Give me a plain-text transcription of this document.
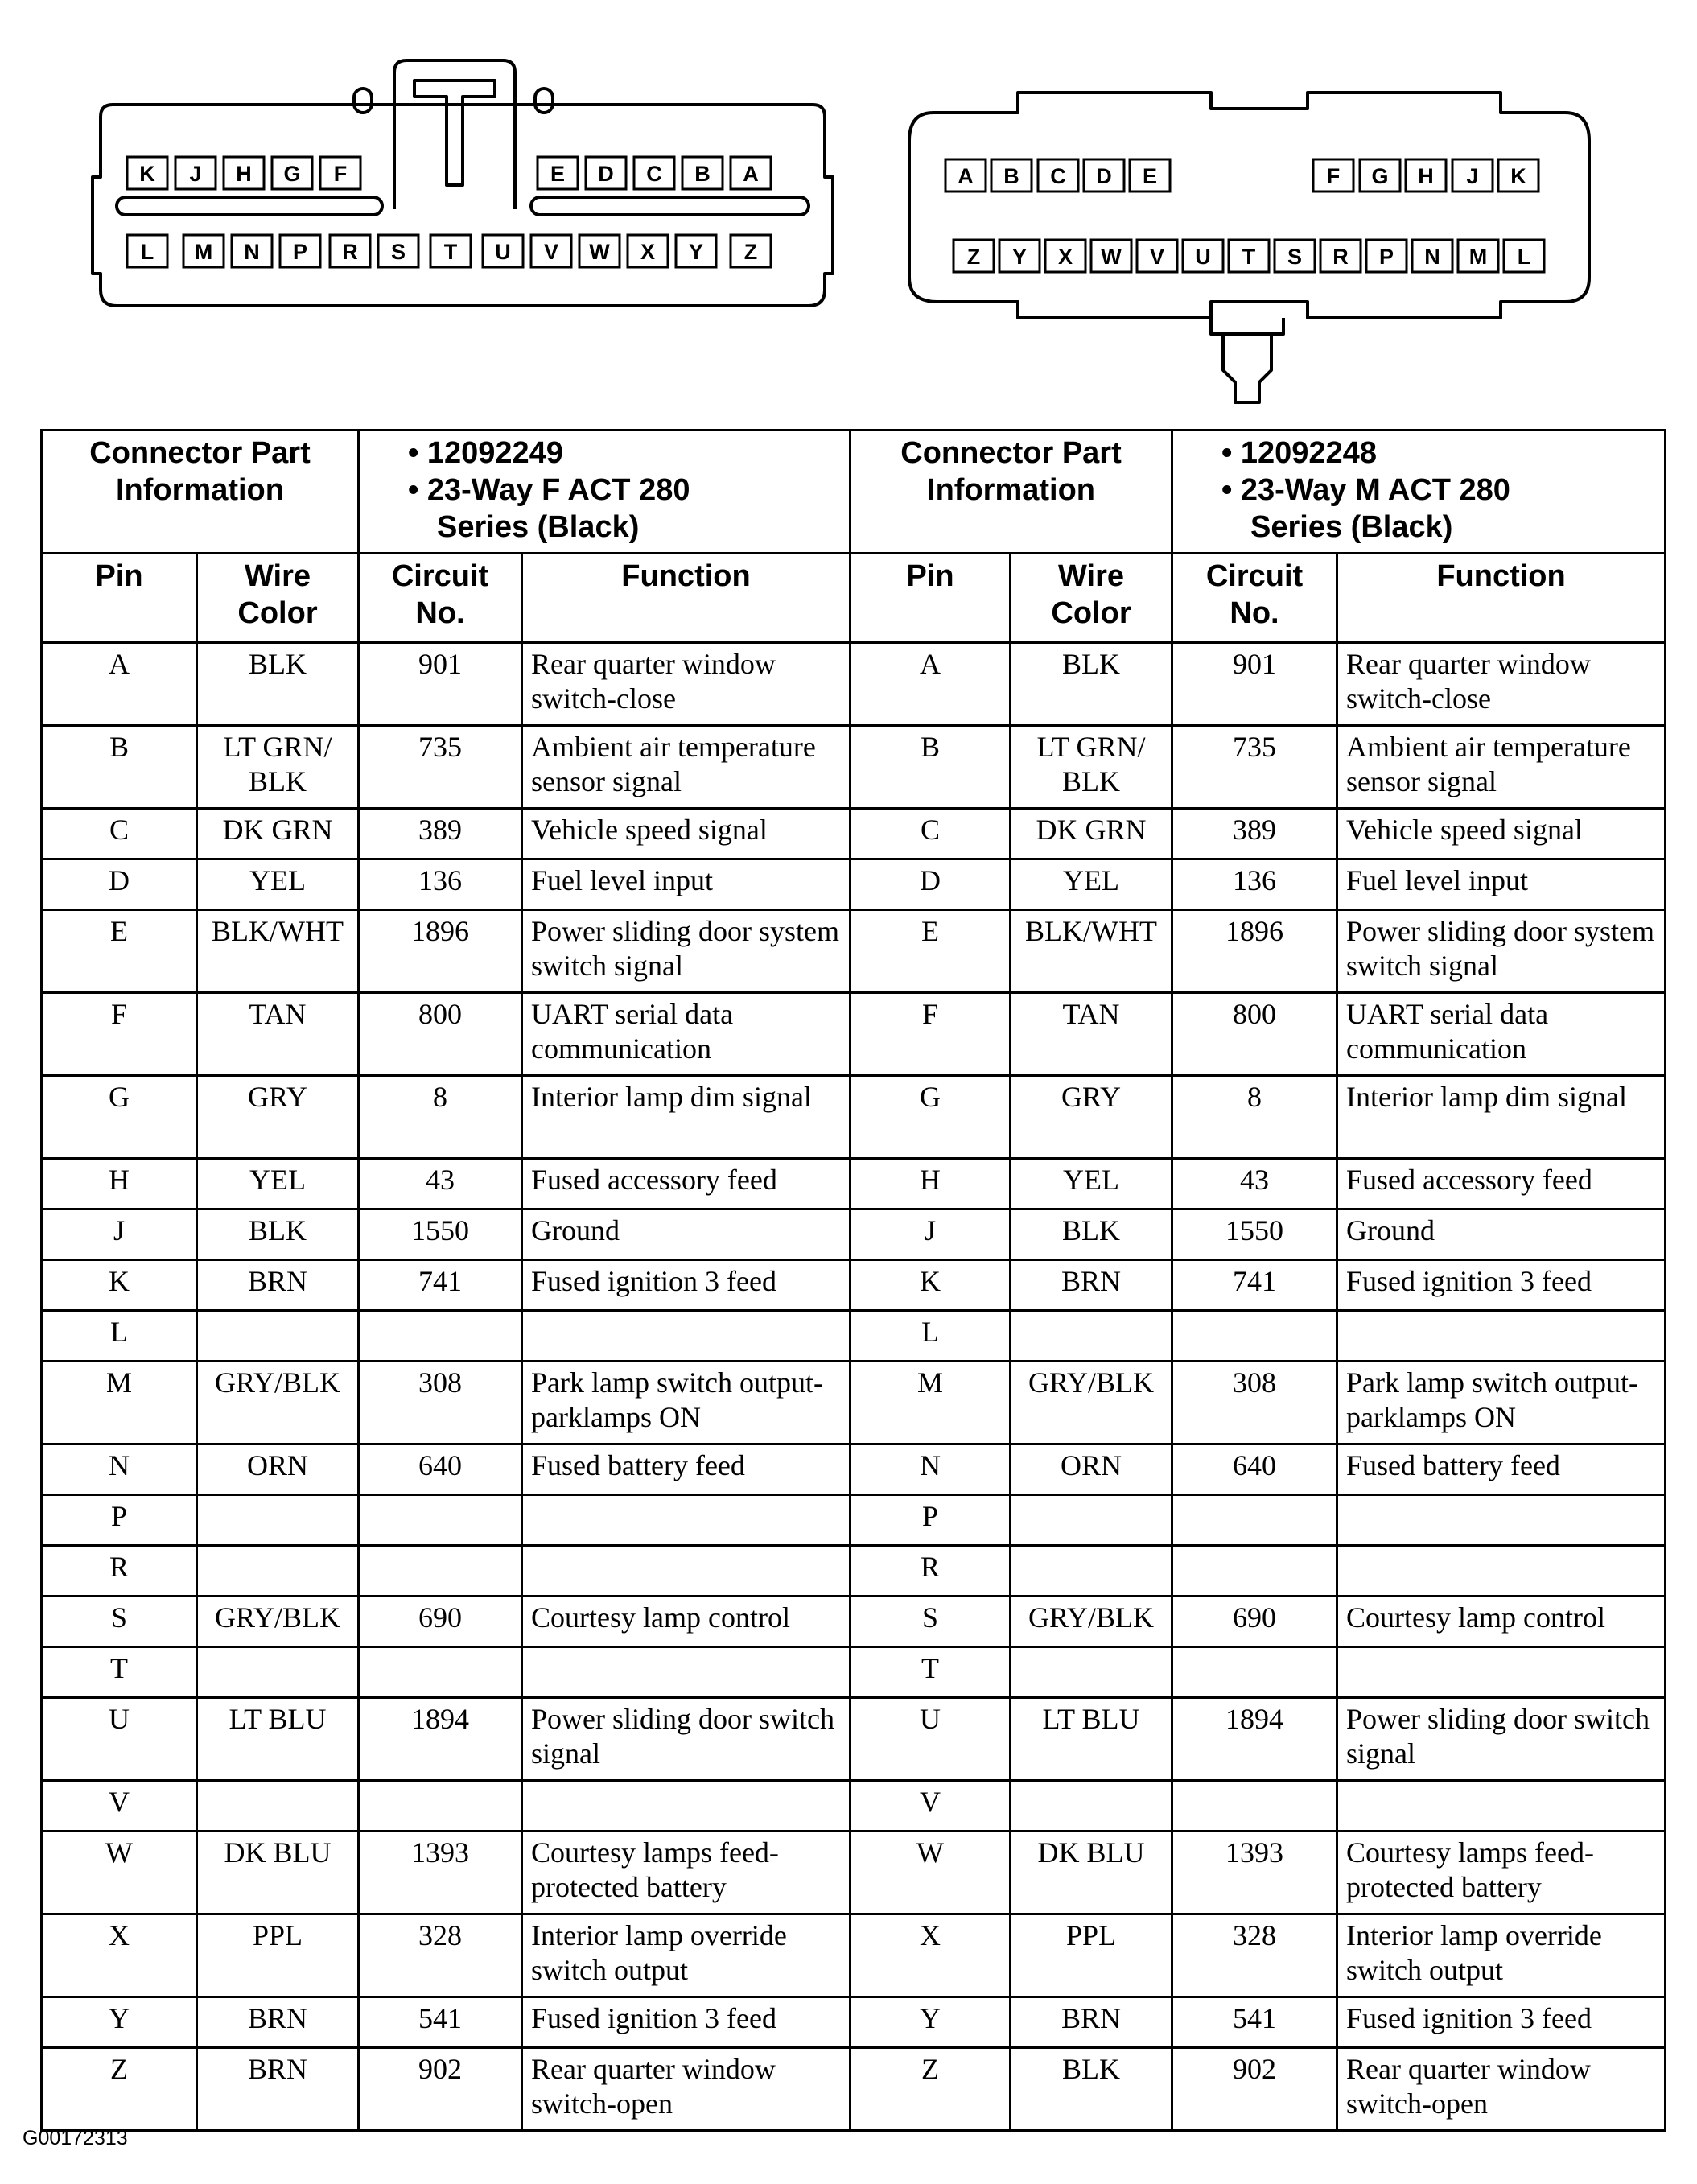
K J H G F	E D C B A
L M N P R S T U V W X Y Z
A B C D E	F G H J K
Z Y X W V U T S R P N M L
Connector Part Information		• 12092249
• 23-Way F ACT 280
Series (Black)		Connector Part Information		• 12092248
• 23-Way M ACT 280
Series (Black)	

Pin	Wire Color	Circuit No.	Function	Pin	Wire Color	Circuit No.	Function
A	BLK	901	Rear quarter window switch-close	A	BLK	901	Rear quarter window switch-close
B	LT GRN/ BLK	735	Ambient air temperature sensor signal	B	LT GRN/ BLK	735	Ambient air temperature sensor signal
C	DK GRN	389	Vehicle speed signal	C	DK GRN	389	Vehicle speed signal
D	YEL	136	Fuel level input	D	YEL	136	Fuel level input
E	BLK/WHT	1896	Power sliding door system switch signal	E	BLK/WHT	1896	Power sliding door system switch signal
F	TAN	800	UART serial data communication	F	TAN	800	UART serial data communication
G	GRY	8	Interior lamp dim signal	G	GRY	8	Interior lamp dim signal
H	YEL	43	Fused accessory feed	H	YEL	43	Fused accessory feed
J	BLK	1550	Ground	J	BLK	1550	Ground
K	BRN	741	Fused ignition 3 feed	K	BRN	741	Fused ignition 3 feed
L				L			
M	GRY/BLK	308	Park lamp switch output-parklamps ON	M	GRY/BLK	308	Park lamp switch output-parklamps ON
N	ORN	640	Fused battery feed	N	ORN	640	Fused battery feed
P				P			
R				R			
S	GRY/BLK	690	Courtesy lamp control	S	GRY/BLK	690	Courtesy lamp control
T				T			
U	LT BLU	1894	Power sliding door switch signal	U	LT BLU	1894	Power sliding door switch signal
V				V			
W	DK BLU	1393	Courtesy lamps feed-protected battery	W	DK BLU	1393	Courtesy lamps feed-protected battery
X	PPL	328	Interior lamp override switch output	X	PPL	328	Interior lamp override switch output
Y	BRN	541	Fused ignition 3 feed	Y	BRN	541	Fused ignition 3 feed
Z	BRN	902	Rear quarter window switch-open	Z	BLK	902	Rear quarter window switch-open
G00172313
